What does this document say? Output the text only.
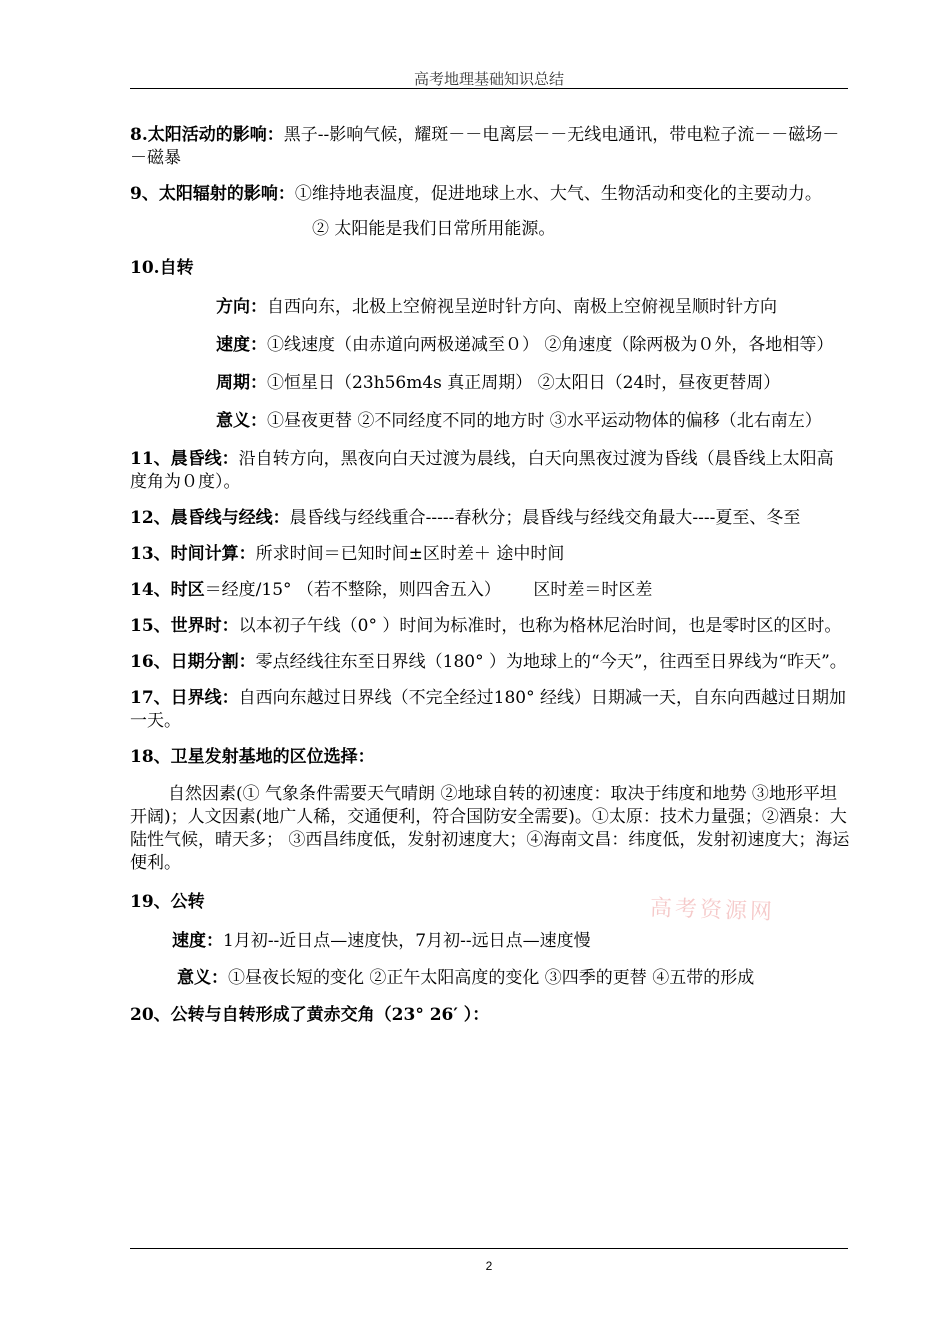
高考地理基础知识总结
高考资源网

8.太阳活动的影响：黑子--影响气候，耀斑－－电离层－－无线电通讯，带电粒子流－－磁场－－磁暴

9、太阳辐射的影响：①维持地表温度，促进地球上水、大气、生物活动和变化的主要动力。

② 太阳能是我们日常所用能源。

10.自转

方向：自西向东，北极上空俯视呈逆时针方向、南极上空俯视呈顺时针方向

速度：①线速度（由赤道向两极递减至０） ②角速度（除两极为０外，各地相等）

周期：①恒星日（23h56m4s 真正周期） ②太阳日（24时，昼夜更替周）

意义：①昼夜更替 ②不同经度不同的地方时 ③水平运动物体的偏移（北右南左）

11、晨昏线：沿自转方向，黑夜向白天过渡为晨线，白天向黑夜过渡为昏线（晨昏线上太阳高度角为０度）。

12、晨昏线与经线：晨昏线与经线重合-----春秋分；晨昏线与经线交角最大----夏至、冬至

13、时间计算：所求时间＝已知时间±区时差＋ 途中时间

14、时区＝经度/15° （若不整除，则四舍五入）      区时差＝时区差

15、世界时：以本初子午线（0° ）时间为标准时，也称为格林尼治时间，也是零时区的区时。

16、日期分割：零点经线往东至日界线（180° ）为地球上的“今天”，往西至日界线为“昨天”。

17、日界线：自西向东越过日界线（不完全经过180° 经线）日期减一天，自东向西越过日期加一天。

18、卫星发射基地的区位选择：

自然因素(① 气象条件需要天气晴朗 ②地球自转的初速度：取决于纬度和地势 ③地形平坦开阔)；人文因素(地广人稀，交通便利，符合国防安全需要)。①太原：技术力量强；②酒泉：大陆性气候，晴天多； ③西昌纬度低，发射初速度大；④海南文昌：纬度低，发射初速度大；海运便利。

19、公转

速度：1月初--近日点—速度快，7月初--远日点—速度慢

意义：①昼夜长短的变化 ②正午太阳高度的变化 ③四季的更替 ④五带的形成

20、公转与自转形成了黄赤交角（23° 26′ ）：

2
